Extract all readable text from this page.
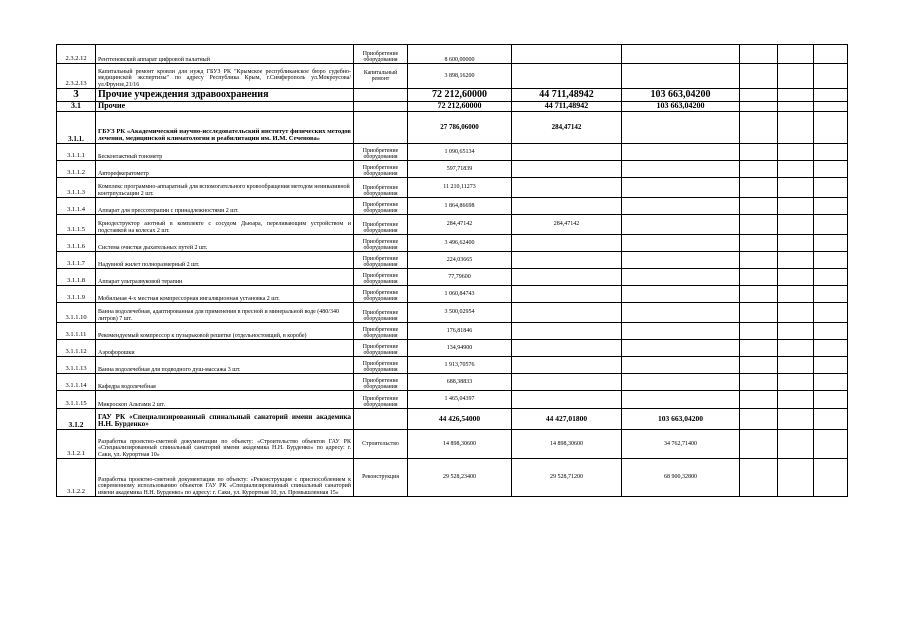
2.3.2.12	Рентгеновский аппарат цифровой палатный	Приобретение оборудования	8 600,00000					
2.3.2.13	Капитальный ремонт кровли для нужд ГБУЗ РК "Крымское республиканское бюро судебно-медицинской экспертизы" по адресу Республика Крым, г.Симферополь ул.Мокроусова/ул.Фрунзе,21/16	Капитальный ремонт	3 898,16200					
3	Прочие учреждения здравоохранения		72 212,60000	44 711,48942	103 663,04200			
3.1	Прочие		72 212,60000	44 711,48942	103 663,04200			
3.1.1.	ГБУЗ РК «Академический научно-исследовательский институт физических методов лечения, медицинской климатологии и реабилитации им. И.М. Сеченова»		27 786,06000	284,47142				
3.1.1.1	Бесконтактный тонометр	Приобретение оборудования	1 090,65134					
3.1.1.2	Авторефкератометр	Приобретение оборудования	597,71839					
3.1.1.3	Комплекс программно-аппаратный для вспомогательного кровообращения методом неинвазивной контрпульсации 2 шт.	Приобретение оборудования	11 210,11273					
3.1.1.4	Аппарат для прессотерапии с принадлежностями 2 шт.	Приобретение оборудования	1 864,86698					
3.1.1.5	Криодеструктор азотный в комплекте с сосудом Дьюара, переливающим устройством и подставкой на колесах 2 шт.	Приобретение оборудования	284,47142	284,47142				
3.1.1.6	Система очистки дыхательных путей 2 шт.	Приобретение оборудования	3 496,62400					
3.1.1.7	Надувной жилет полноразмерный 2 шт.	Приобретение оборудования	224,03665					
3.1.1.8	Аппарат ультразвуковой терапии	Приобретение оборудования	77,79600					
3.1.1.9	Мобильная 4-х местная компрессорная ингаляционная установка 2 шт.	Приобретение оборудования	1 060,84743					
3.1.1.10	Ванна водолечебная, адаптированная для применения в пресной и минеральной воде (480/340 литров) 7 шт.	Приобретение оборудования	3 500,02954					
3.1.1.11	Рекомендуемый компрессор к пузырьковой решетке (отдельностоящий, в коробе)	Приобретение оборудования	176,81846					
3.1.1.12	Аэрофорошки	Приобретение оборудования	134,94900					
3.1.1.13	Ванна водолечебная для подводного душ-массажа 3 шт.	Приобретение оборудования	1 913,70576					
3.1.1.14	Кафедра водолечебная	Приобретение оборудования	688,38833					
3.1.1.15	Микроскоп Альтами 2 шт.	Приобретение оборудования	1 465,04397					
3.1.2	ГАУ РК «Специализированный спинальный санаторий имени академика Н.Н. Бурденко»		44 426,54000	44 427,01800	103 663,04200			
3.1.2.1	Разработка проектно-сметной документации по объекту: «Строительство объектов ГАУ РК «Специализированный спинальный санаторий имени академика Н.Н. Бурденко» по адресу: г. Саки, ул. Курортная 10»	Строительство	14 898,30600	14 898,30600	34 762,71400			
3.1.2.2	Разработка проектно-сметной документации по объекту: «Реконструкция с приспособлением к современному использованию объектов ГАУ РК «Специализированный спинальный санаторий имени академика Н.Н. Бурденко» по адресу: г. Саки, ул. Курортная 10, ул. Промышленная 15»	Реконструкция	29 528,23400	29 528,71200	68 900,32800			
